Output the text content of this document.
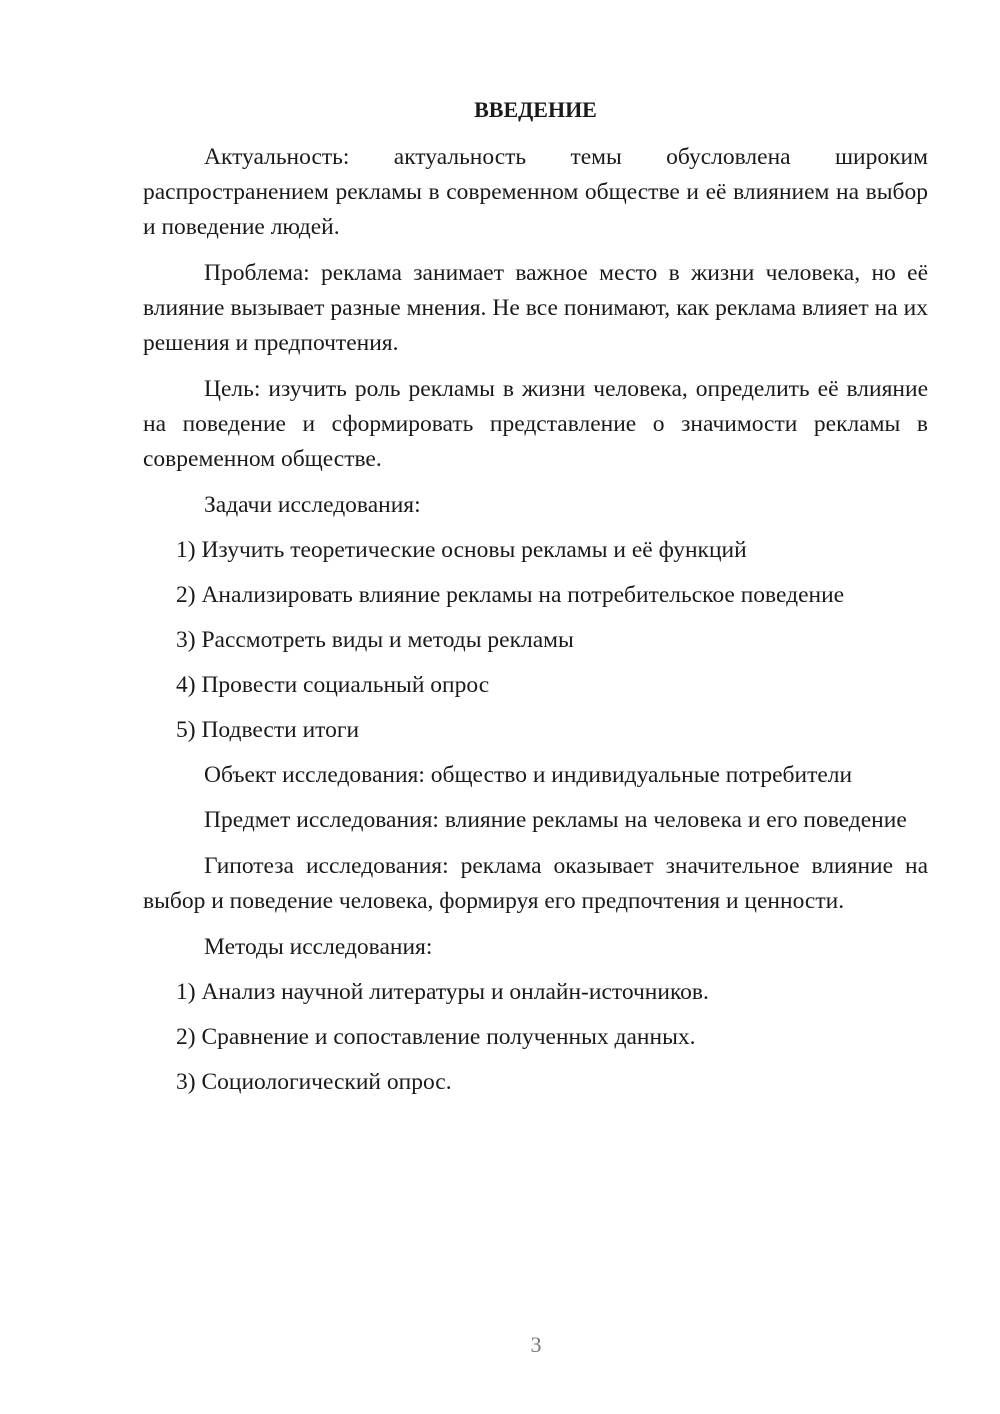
ВВЕДЕНИЕ

Актуальность: актуальность темы обусловлена широким распространением рекламы в современном обществе и её влиянием на выбор и поведение людей.

Проблема: реклама занимает важное место в жизни человека, но её влияние вызывает разные мнения. Не все понимают, как реклама влияет на их решения и предпочтения.

Цель: изучить роль рекламы в жизни человека, определить её влияние на поведение и сформировать представление о значимости рекламы в современном обществе.

Задачи исследования:

1) Изучить теоретические основы рекламы и её функций
2) Анализировать влияние рекламы на потребительское поведение
3) Рассмотреть виды и методы рекламы
4) Провести социальный опрос
5) Подвести итоги

Объект исследования: общество и индивидуальные потребители

Предмет исследования: влияние рекламы на человека и его поведение

Гипотеза исследования: реклама оказывает значительное влияние на выбор и поведение человека, формируя его предпочтения и ценности.

Методы исследования:

1) Анализ научной литературы и онлайн-источников.
2) Сравнение и сопоставление полученных данных.
3) Социологический опрос.
3
